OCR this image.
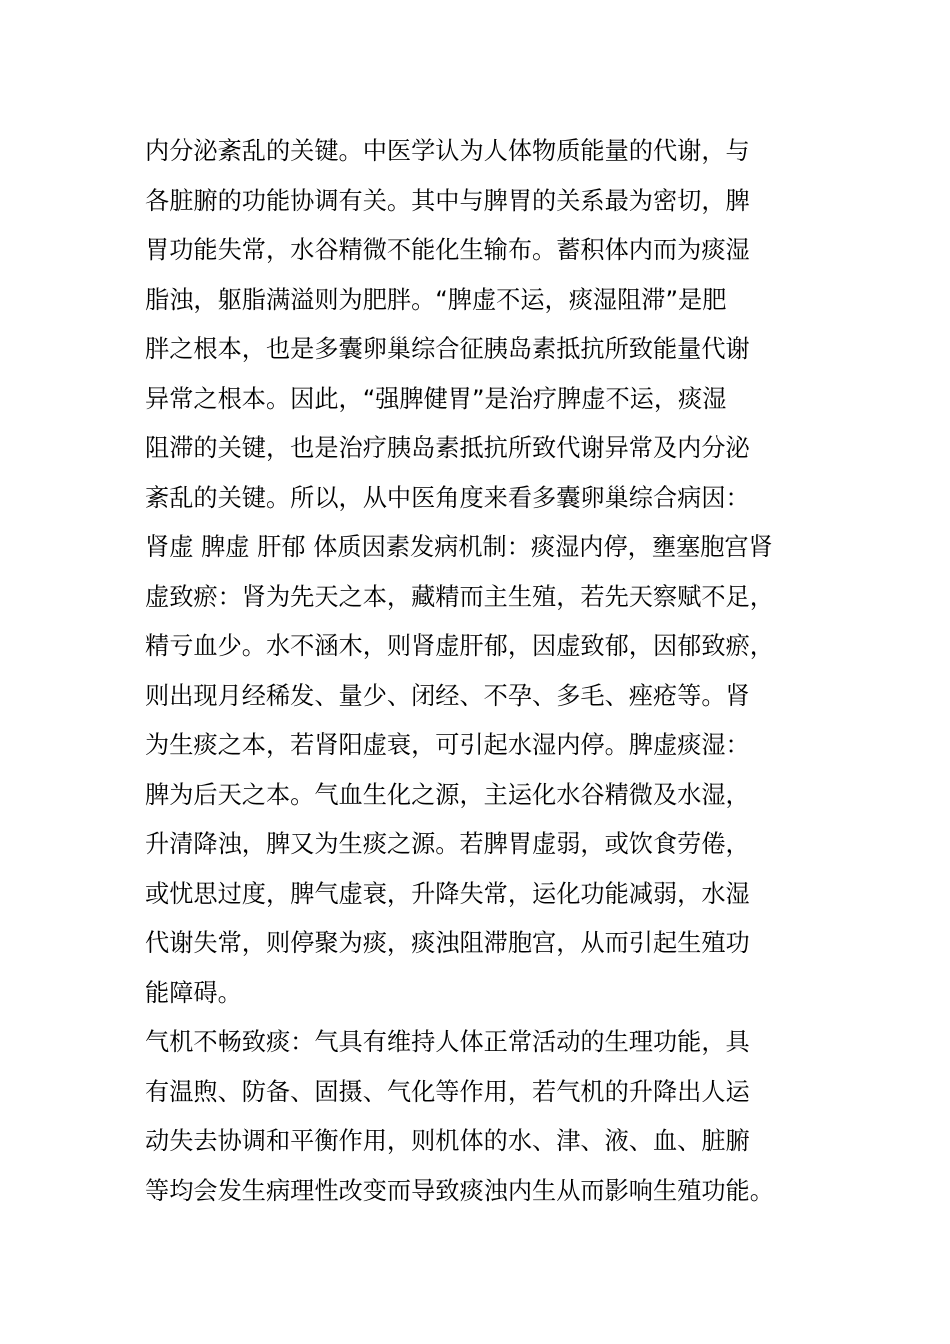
内分泌紊乱的关键。中医学认为人体物质能量的代谢，与
各脏腑的功能协调有关。其中与脾胃的关系最为密切，脾
胃功能失常，水谷精微不能化生输布。蓄积体内而为痰湿
脂浊，躯脂满溢则为肥胖。“脾虚不运，痰湿阻滞”是肥
胖之根本，也是多囊卵巢综合征胰岛素抵抗所致能量代谢
异常之根本。因此，“强脾健胃”是治疗脾虚不运，痰湿
阻滞的关键，也是治疗胰岛素抵抗所致代谢异常及内分泌
紊乱的关键。所以，从中医角度来看多囊卵巢综合病因：
肾虚 脾虚 肝郁 体质因素发病机制：痰湿内停，壅塞胞宫肾
虚致瘀：肾为先天之本，藏精而主生殖，若先天察赋不足，
精亏血少。水不涵木，则肾虚肝郁，因虚致郁，因郁致瘀，
则出现月经稀发、量少、闭经、不孕、多毛、痤疮等。肾
为生痰之本，若肾阳虚衰，可引起水湿内停。脾虚痰湿：
脾为后天之本。气血生化之源，主运化水谷精微及水湿，
升清降浊，脾又为生痰之源。若脾胃虚弱，或饮食劳倦，
或忧思过度，脾气虚衰，升降失常，运化功能减弱，水湿
代谢失常，则停聚为痰，痰浊阻滞胞宫，从而引起生殖功
能障碍。
气机不畅致痰：气具有维持人体正常活动的生理功能，具
有温煦、防备、固摄、气化等作用，若气机的升降出人运
动失去协调和平衡作用，则机体的水、津、液、血、脏腑
等均会发生病理性改变而导致痰浊内生从而影响生殖功能。
